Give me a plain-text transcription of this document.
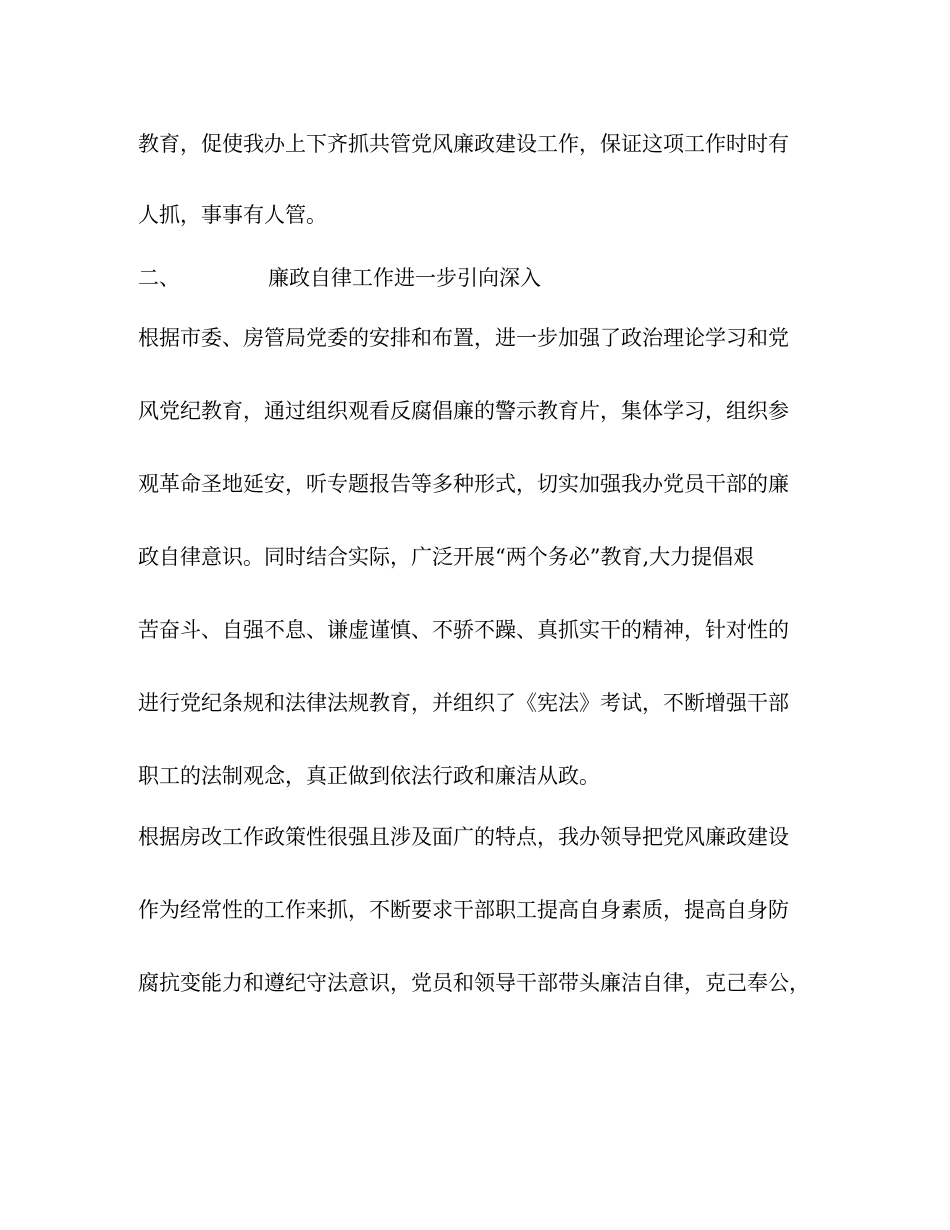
教育，促使我办上下齐抓共管党风廉政建设工作，保证这项工作时时有
人抓，事事有人管。
二、	廉政自律工作进一步引向深入
根据市委、房管局党委的安排和布置，进一步加强了政治理论学习和党
风党纪教育，通过组织观看反腐倡廉的警示教育片，集体学习，组织参
观革命圣地延安，听专题报告等多种形式，切实加强我办党员干部的廉
政自律意识。同时结合实际，广泛开展“两个务必”教育,大力提倡艰
苦奋斗、自强不息、谦虚谨慎、不骄不躁、真抓实干的精神，针对性的
进行党纪条规和法律法规教育，并组织了《宪法》考试，不断增强干部
职工的法制观念，真正做到依法行政和廉洁从政。
根据房改工作政策性很强且涉及面广的特点，我办领导把党风廉政建设
作为经常性的工作来抓，不断要求干部职工提高自身素质，提高自身防
腐抗变能力和遵纪守法意识，党员和领导干部带头廉洁自律，克己奉公，
